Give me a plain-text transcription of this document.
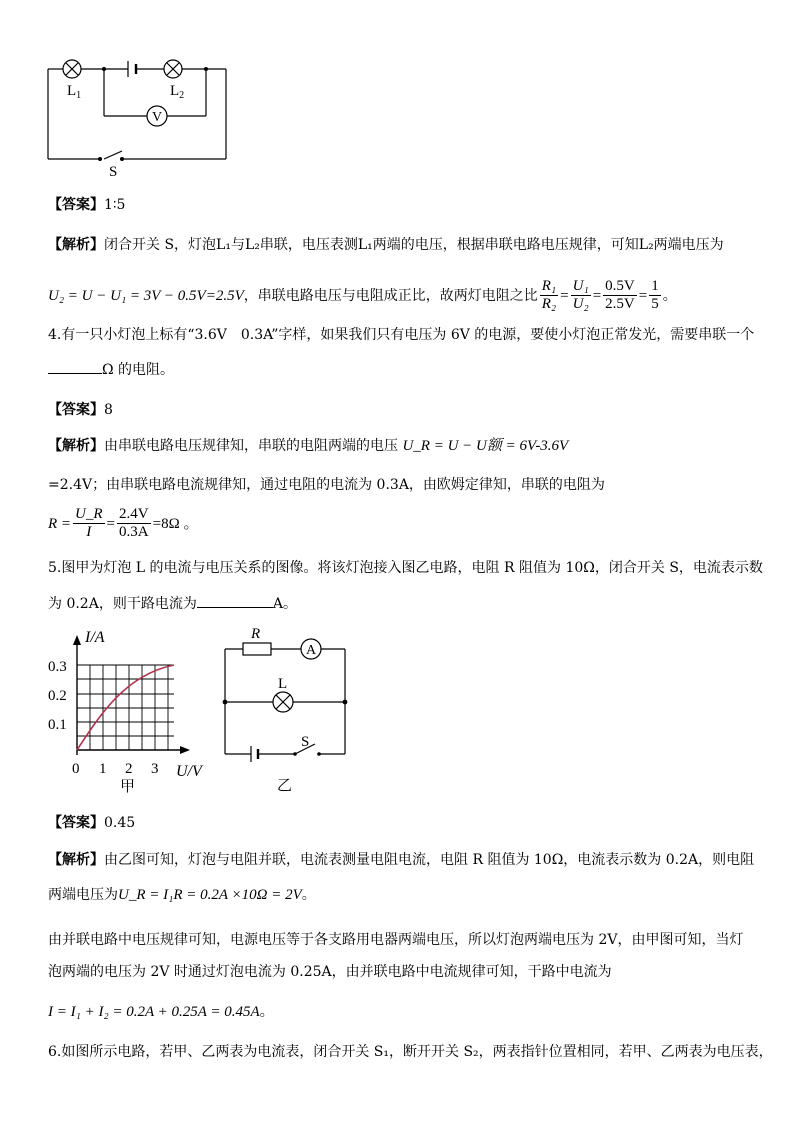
V
$L_1$	$L_2$
S
【答案】1∶5
【解析】闭合开关 S，灯泡L₁与L₂串联，电压表测L₁两端的电压，根据串联电路电压规律，可知L₂两端电压为
U₂ = U − U₁ = 3V − 0.5V=2.5V ，串联电路电压与电阻成正比，故两灯电阻之比 $\frac{\text{R₁}}{\text{R₂}} = \frac{\text{U₁}}{\text{U₂}} = \frac{0.5V}{2.5V} = \frac{1}{5}$ 。
4.有一只小灯泡上标有“3.6V　0.3A”字样，如果我们只有电压为 6V 的电源，要使小灯泡正常发光，需要串联一个
Ω 的电阻。
【答案】8
【解析】由串联电路电压规律知，串联的电阻两端的电压 U_R = U − U额 = 6V-3.6V
=2.4V；由串联电路电流规律知，通过电阻的电流为 0.3A，由欧姆定律知，串联的电阻为
$R = \frac{U\_R}{I} = \frac{2.4V}{0.3A} =8\Omega$ 。
5.图甲为灯泡 L 的电流与电压关系的图像。将该灯泡接入图乙电路，电阻 R 阻值为 10Ω，闭合开关 S，电流表示数
为 0.2A，则干路电流为	A。
I/A
U/V
0.3
0.2
0.1
0 1 2 3
甲
R
A
L
S
乙
【答案】0.45
【解析】由乙图可知，灯泡与电阻并联，电流表测量电阻电流，电阻 R 阻值为 10Ω，电流表示数为 0.2A，则电阻
两端电压为U_R = I₁R = 0.2A ×10Ω = 2V。
由并联电路中电压规律可知，电源电压等于各支路用电器两端电压，所以灯泡两端电压为 2V，由甲图可知，当灯
泡两端的电压为 2V 时通过灯泡电流为 0.25A，由并联电路中电流规律可知，干路中电流为
I = I₁ + I₂ = 0.2A + 0.25A = 0.45A。
6.如图所示电路，若甲、乙两表为电流表，闭合开关 S₁，断开开关 S₂，两表指针位置相同，若甲、乙两表为电压表，
